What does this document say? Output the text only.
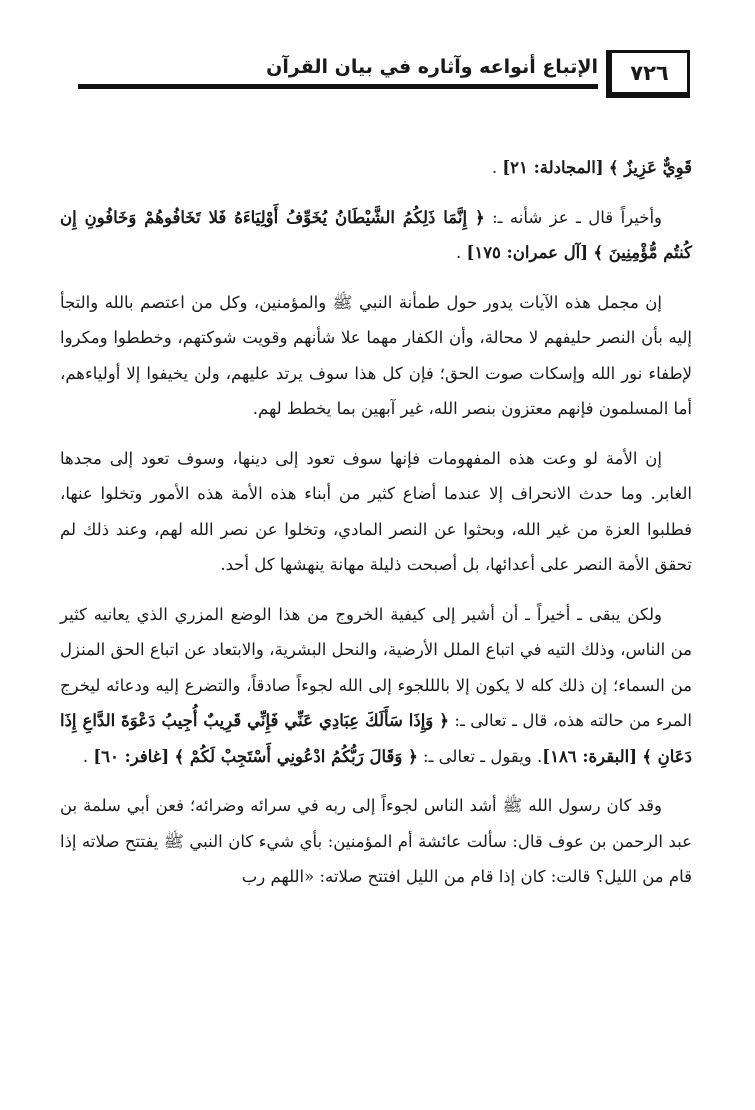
الإتباع أنواعه وآثاره في بيان القرآن	٧٢٦

قَوِيٌّ عَزِيزٌ ﴾ [المجادلة: ٢١] .

وأخيراً قال ـ عز شأنه ـ: ﴿ إِنَّمَا ذَلِكُمُ الشَّيْطَانُ يُخَوِّفُ أَوْلِيَاءَهُ فَلا تَخَافُوهُمْ وَخَافُونِ إِن كُنتُم مُّؤْمِنِينَ ﴾ [آل عمران: ١٧٥] .

إن مجمل هذه الآيات يدور حول طمأنة النبي ﷺ والمؤمنين، وكل من اعتصم بالله والتجأ إليه بأن النصر حليفهم لا محالة، وأن الكفار مهما علا شأنهم وقويت شوكتهم، وخططوا ومكروا لإطفاء نور الله وإسكات صوت الحق؛ فإن كل هذا سوف يرتد عليهم، ولن يخيفوا إلا أولياءهم، أما المسلمون فإنهم معتزون بنصر الله، غير آبهين بما يخطط لهم.

إن الأمة لو وعت هذه المفهومات فإنها سوف تعود إلى دينها، وسوف تعود إلى مجدها الغابر. وما حدث الانحراف إلا عندما أضاع كثير من أبناء هذه الأمة هذه الأمور وتخلوا عنها، فطلبوا العزة من غير الله، وبحثوا عن النصر المادي، وتخلوا عن نصر الله لهم، وعند ذلك لم تحقق الأمة النصر على أعدائها، بل أصبحت ذليلة مهانة ينهشها كل أحد.

ولكن يبقى ـ أخيراً ـ أن أشير إلى كيفية الخروج من هذا الوضع المزري الذي يعانيه كثير من الناس، وذلك التيه في اتباع الملل الأرضية، والنحل البشرية، والابتعاد عن اتباع الحق المنزل من السماء؛ إن ذلك كله لا يكون إلا بالللجوء إلى الله لجوءاً صادقاً، والتضرع إليه ودعائه ليخرج المرء من حالته هذه، قال ـ تعالى ـ: ﴿ وَإِذَا سَأَلَكَ عِبَادِي عَنِّي فَإِنِّي قَرِيبٌ أُجِيبُ دَعْوَةَ الدَّاعِ إِذَا دَعَانِ ﴾ [البقرة: ١٨٦]. ويقول ـ تعالى ـ: ﴿ وَقَالَ رَبُّكُمُ ادْعُونِي أَسْتَجِبْ لَكُمْ ﴾ [غافر: ٦٠] .

وقد كان رسول الله ﷺ أشد الناس لجوءاً إلى ربه في سرائه وضرائه؛ فعن أبي سلمة بن عبد الرحمن بن عوف قال: سألت عائشة أم المؤمنين: بأي شيء كان النبي ﷺ يفتتح صلاته إذا قام من الليل؟ قالت: كان إذا قام من الليل افتتح صلاته: «اللهم رب
